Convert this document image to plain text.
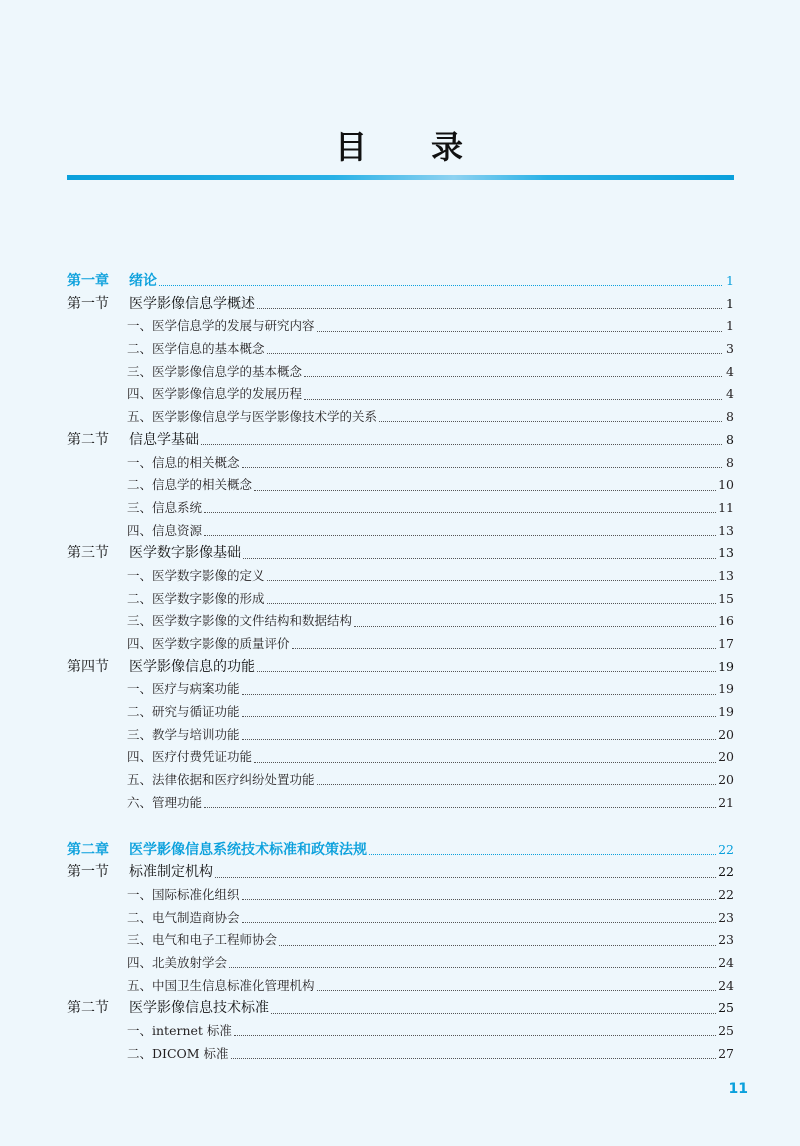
目 录
第一章 绪论	1
第一节 医学影像信息学概述	1
一、医学信息学的发展与研究内容	1
二、医学信息的基本概念	3
三、医学影像信息学的基本概念	4
四、医学影像信息学的发展历程	4
五、医学影像信息学与医学影像技术学的关系	8
第二节 信息学基础	8
一、信息的相关概念	8
二、信息学的相关概念	10
三、信息系统	11
四、信息资源	13
第三节 医学数字影像基础	13
一、医学数字影像的定义	13
二、医学数字影像的形成	15
三、医学数字影像的文件结构和数据结构	16
四、医学数字影像的质量评价	17
第四节 医学影像信息的功能	19
一、医疗与病案功能	19
二、研究与循证功能	19
三、教学与培训功能	20
四、医疗付费凭证功能	20
五、法律依据和医疗纠纷处置功能	20
六、管理功能	21
第二章 医学影像信息系统技术标准和政策法规	22
第一节 标准制定机构	22
一、国际标准化组织	22
二、电气制造商协会	23
三、电气和电子工程师协会	23
四、北美放射学会	24
五、中国卫生信息标准化管理机构	24
第二节 医学影像信息技术标准	25
一、internet 标准	25
二、DICOM 标准	27
11
